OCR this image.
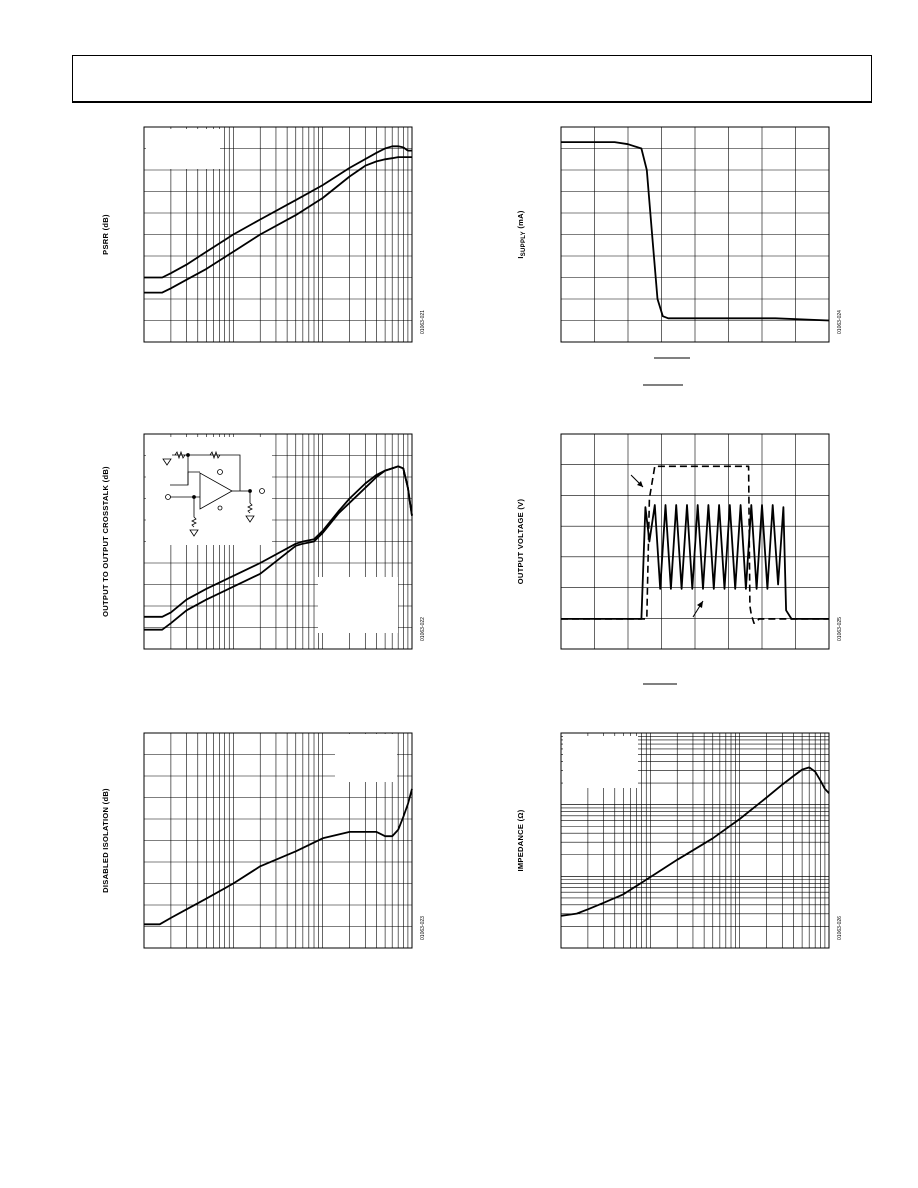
PSRR (dB)
01063-021
$I_{SUPPLY}$ (mA)
01063-024
OUTPUT TO OUTPUT CROSSTALK (dB)
01063-022
OUTPUT VOLTAGE (V)
01063-025
DISABLED ISOLATION (dB)
01063-023
IMPEDANCE (Ω)
01063-026
